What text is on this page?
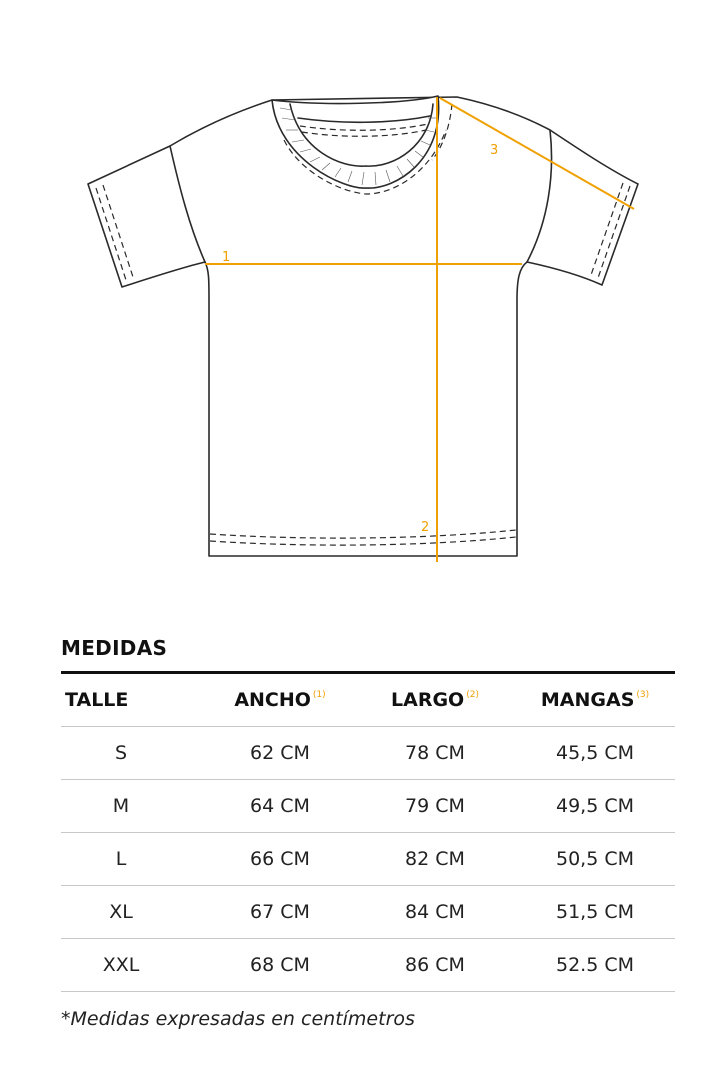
1
2
3
MEDIDAS
TALLE	ANCHO $^{(1)}$	LARGO $^{(2)}$	MANGAS $^{(3)}$
S	62 CM	78 CM	45,5 CM
M	64 CM	79 CM	49,5 CM
L	66 CM	82 CM	50,5 CM
XL	67 CM	84 CM	51,5 CM
XXL	68 CM	86 CM	52.5 CM
*Medidas expresadas en centímetros
